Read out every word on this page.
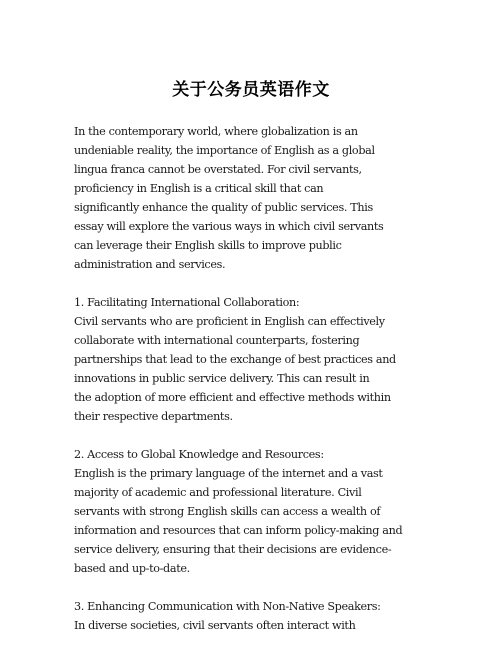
关于公务员英语作文
In the contemporary world, where globalization is an
undeniable reality, the importance of English as a global
lingua franca cannot be overstated. For civil servants,
proficiency in English is a critical skill that can
significantly enhance the quality of public services. This
essay will explore the various ways in which civil servants
can leverage their English skills to improve public
administration and services.
1. Facilitating International Collaboration:
Civil servants who are proficient in English can effectively
collaborate with international counterparts, fostering
partnerships that lead to the exchange of best practices and
innovations in public service delivery. This can result in
the adoption of more efficient and effective methods within
their respective departments.
2. Access to Global Knowledge and Resources:
English is the primary language of the internet and a vast
majority of academic and professional literature. Civil
servants with strong English skills can access a wealth of
information and resources that can inform policy-making and
service delivery, ensuring that their decisions are evidence-
based and up-to-date.
3. Enhancing Communication with Non-Native Speakers:
In diverse societies, civil servants often interact with
